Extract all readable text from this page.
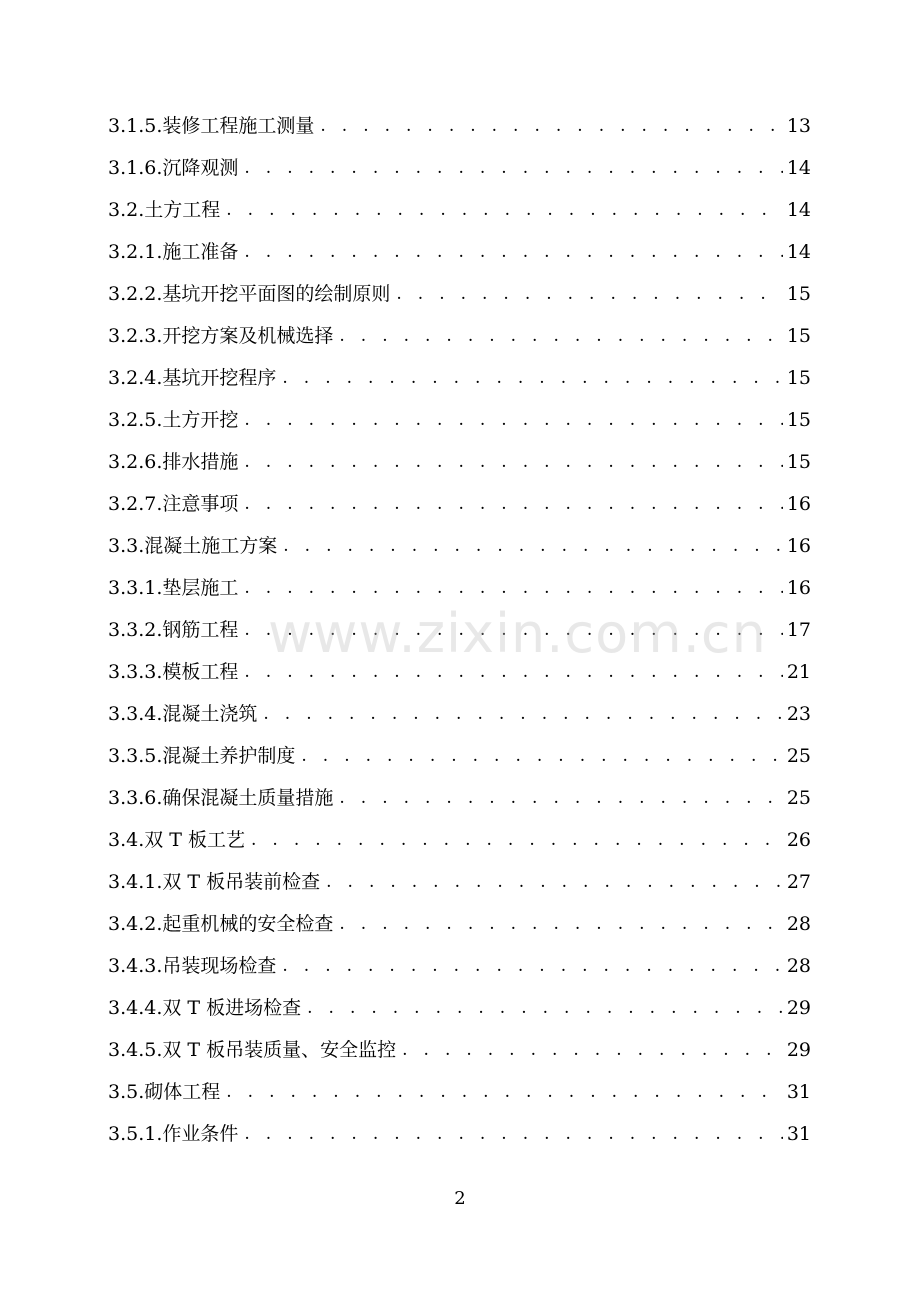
3.1.5.装修工程施工测量 . . .	13
3.1.6.沉降观测 . . .	14
3.2.土方工程 . . .	14
3.2.1.施工准备 . . .	14
3.2.2.基坑开挖平面图的绘制原则 . . .	15
3.2.3.开挖方案及机械选择 . . .	15
3.2.4.基坑开挖程序 . . .	15
3.2.5.土方开挖 . . .	15
3.2.6.排水措施 . . .	15
3.2.7.注意事项 . . .	16
3.3.混凝土施工方案 . . .	16
3.3.1.垫层施工 . . .	16
3.3.2.钢筋工程 . . .	17
3.3.3.模板工程 . . .	21
3.3.4.混凝土浇筑 . . .	23
3.3.5.混凝土养护制度 . . .	25
3.3.6.确保混凝土质量措施 . . .	25
3.4.双 T 板工艺 . . .	26
3.4.1.双 T 板吊装前检查 . . .	27
3.4.2.起重机械的安全检查 . . .	28
3.4.3.吊装现场检查 . . .	28
3.4.4.双 T 板进场检查 . . .	29
3.4.5.双 T 板吊装质量、安全监控 . . .	29
3.5.砌体工程 . . .	31
3.5.1.作业条件 . . .	31
www.zixin.com.cn
2
